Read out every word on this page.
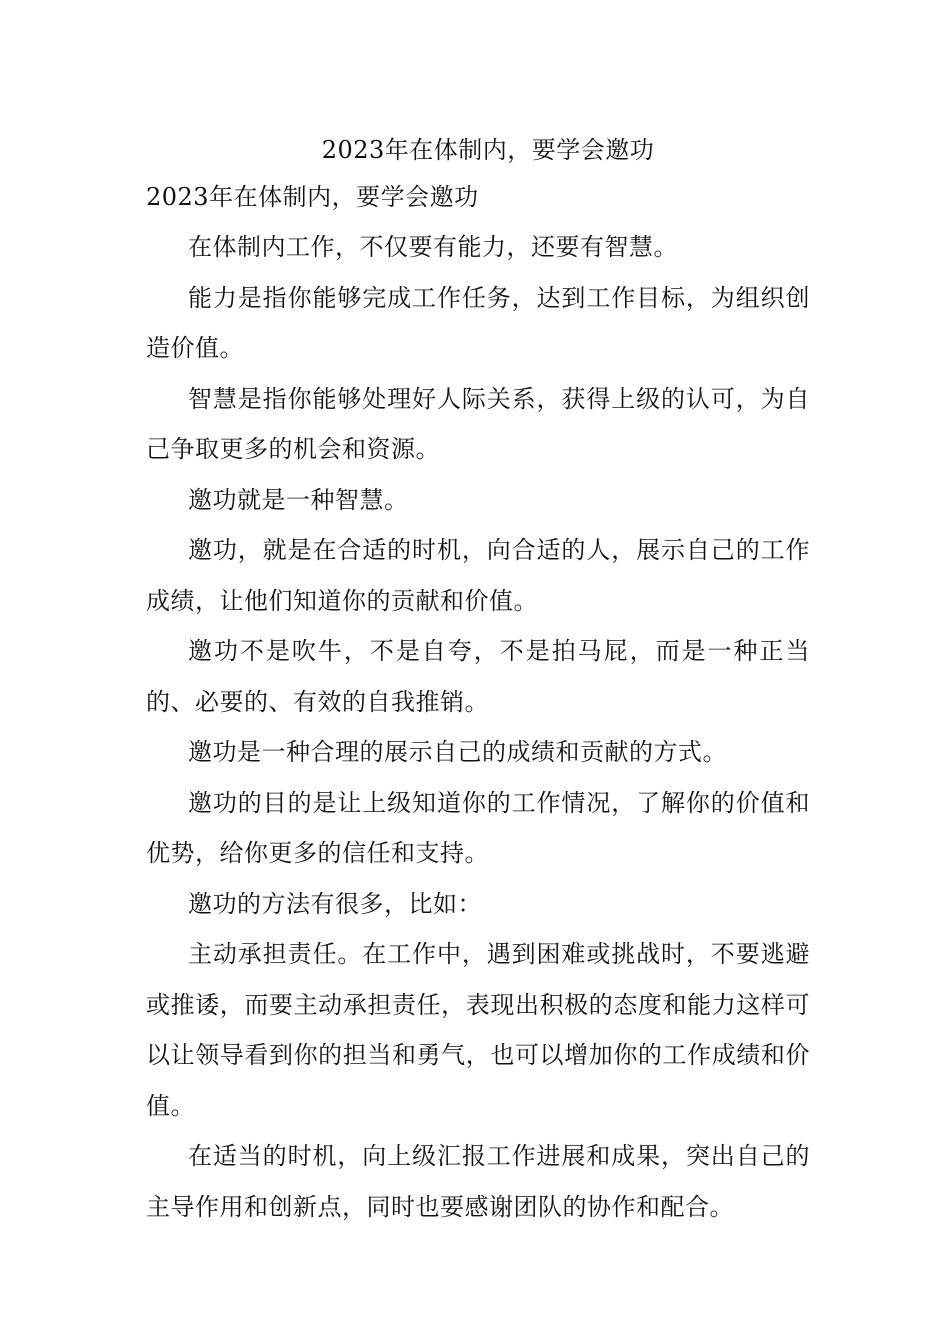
2023年在体制内，要学会邀功
2023年在体制内，要学会邀功

在体制内工作，不仅要有能力，还要有智慧。

能力是指你能够完成工作任务，达到工作目标，为组织创造价值。

智慧是指你能够处理好人际关系，获得上级的认可，为自己争取更多的机会和资源。

邀功就是一种智慧。

邀功，就是在合适的时机，向合适的人，展示自己的工作成绩，让他们知道你的贡献和价值。

邀功不是吹牛，不是自夸，不是拍马屁，而是一种正当的、必要的、有效的自我推销。

邀功是一种合理的展示自己的成绩和贡献的方式。

邀功的目的是让上级知道你的工作情况，了解你的价值和优势，给你更多的信任和支持。

邀功的方法有很多，比如：

主动承担责任。在工作中，遇到困难或挑战时，不要逃避或推诿，而要主动承担责任，表现出积极的态度和能力这样可以让领导看到你的担当和勇气，也可以增加你的工作成绩和价值。

在适当的时机，向上级汇报工作进展和成果，突出自己的主导作用和创新点，同时也要感谢团队的协作和配合。
